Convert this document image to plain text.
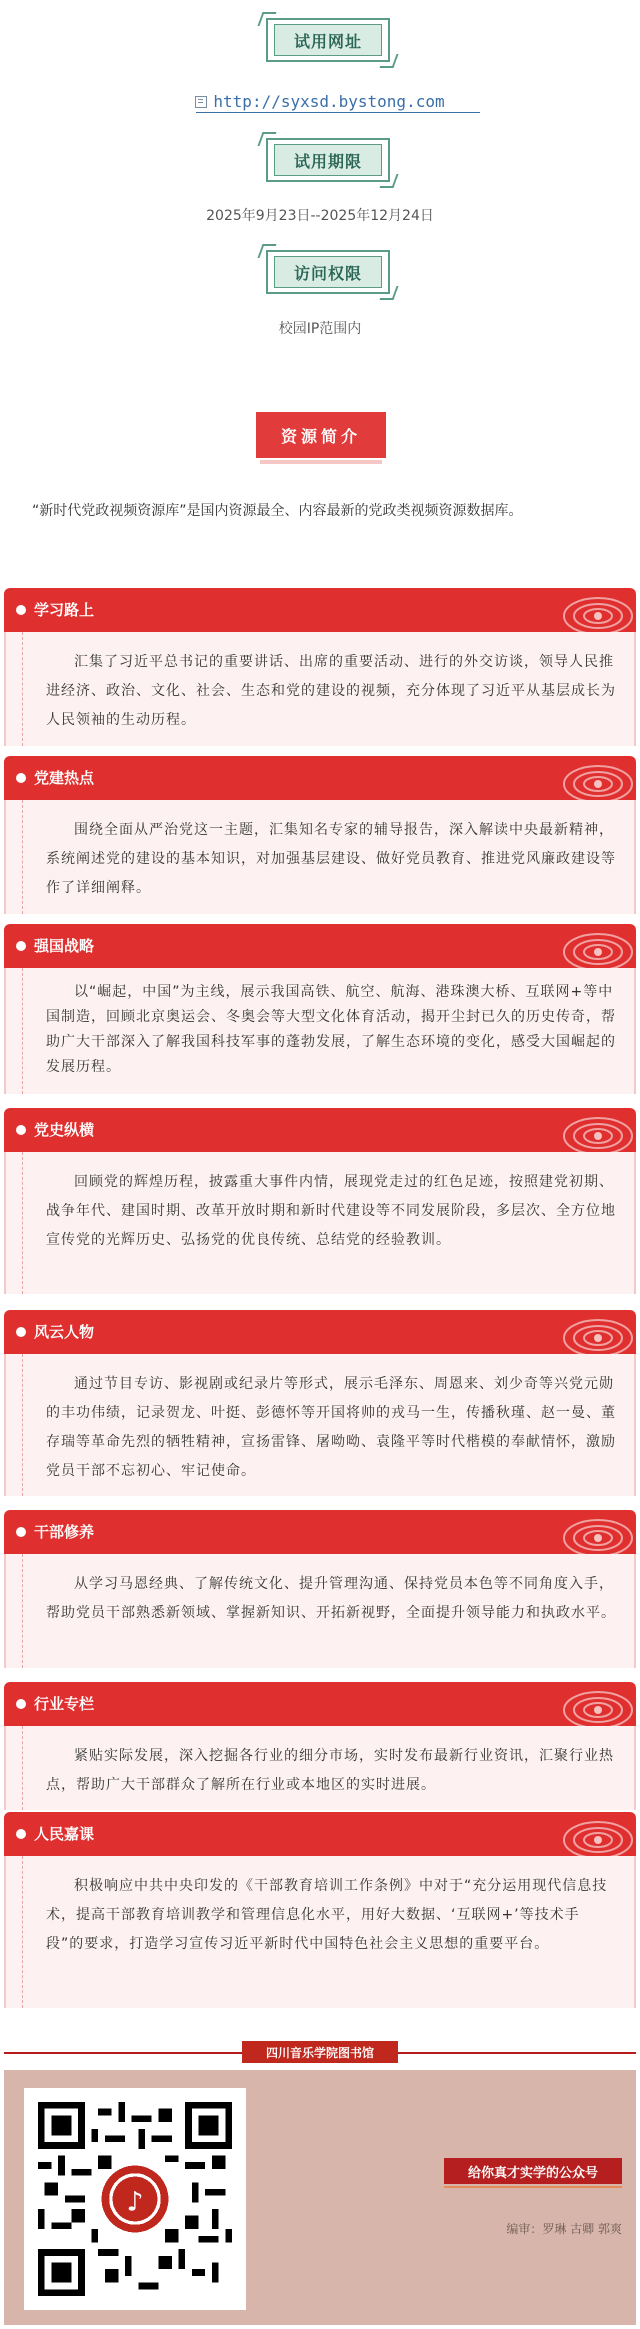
试用网址
http://syxsd.bystong.com
试用期限
2025年9月23日--2025年12月24日
访问权限
校园IP范围内
资源简介
“新时代党政视频资源库”是国内资源最全、内容最新的党政类视频资源数据库。

汇集了习近平总书记的重要讲话、出席的重要活动、进行的外交访谈，领导人民推进经济、政治、文化、社会、生态和党的建设的视频，充分体现了习近平从基层成长为人民领袖的生动历程。

学习路上

围绕全面从严治党这一主题，汇集知名专家的辅导报告，深入解读中央最新精神，系统阐述党的建设的基本知识，对加强基层建设、做好党员教育、推进党风廉政建设等作了详细阐释。

党建热点

以“崛起，中国”为主线，展示我国高铁、航空、航海、港珠澳大桥、互联网+等中国制造，回顾北京奥运会、冬奥会等大型文化体育活动，揭开尘封已久的历史传奇，帮助广大干部深入了解我国科技军事的蓬勃发展，了解生态环境的变化，感受大国崛起的发展历程。

强国战略

回顾党的辉煌历程，披露重大事件内情，展现党走过的红色足迹，按照建党初期、战争年代、建国时期、改革开放时期和新时代建设等不同发展阶段，多层次、全方位地宣传党的光辉历史、弘扬党的优良传统、总结党的经验教训。

党史纵横

通过节目专访、影视剧或纪录片等形式，展示毛泽东、周恩来、刘少奇等兴党元勋的丰功伟绩，记录贺龙、叶挺、彭德怀等开国将帅的戎马一生，传播秋瑾、赵一曼、董存瑞等革命先烈的牺牲精神，宣扬雷锋、屠呦呦、袁隆平等时代楷模的奉献情怀，激励党员干部不忘初心、牢记使命。

风云人物

从学习马恩经典、了解传统文化、提升管理沟通、保持党员本色等不同角度入手，帮助党员干部熟悉新领域、掌握新知识、开拓新视野，全面提升领导能力和执政水平。

干部修养

紧贴实际发展，深入挖掘各行业的细分市场，实时发布最新行业资讯，汇聚行业热点，帮助广大干部群众了解所在行业或本地区的实时进展。

行业专栏

积极响应中共中央印发的《干部教育培训工作条例》中对于“充分运用现代信息技术，提高干部教育培训教学和管理信息化水平，用好大数据、‘互联网+’等技术手段”的要求，打造学习宣传习近平新时代中国特色社会主义思想的重要平台。

人民嘉课
四川音乐学院图书馆
♪
给你真才实学的公众号
编审：罗琳 古卿 郭爽
